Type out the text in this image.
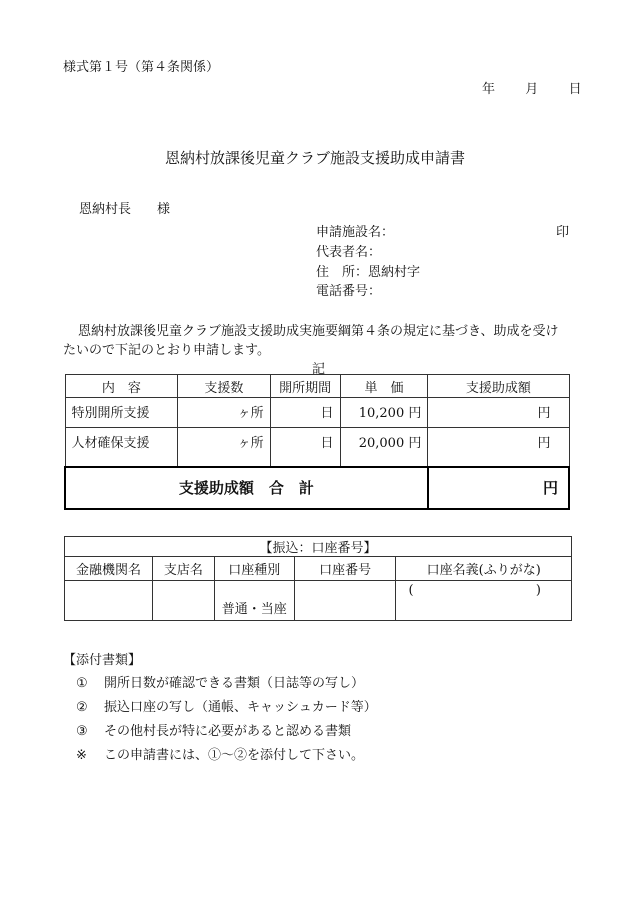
様式第１号（第４条関係）
年 月 日
恩納村放課後児童クラブ施設支援助成申請書
恩納村長　　様
申請施設名：	印
代表者名：
住　所：恩納村字
電話番号：
恩納村放課後児童クラブ施設支援助成実施要綱第４条の規定に基づき、助成を受け
たいので下記のとおり申請します。
記
内　容	支援数	開所期間	単　価	支援助成額
特別開所支援	ヶ所	日	10,200 円	円
人材確保支援	ヶ所	日	20,000 円	円
支援助成額　合　計				円
【振込：口座番号】				
金融機関名	支店名	口座種別	口座番号	口座名義(ふりがな)
		普通・当座		( )
【添付書類】
① 開所日数が確認できる書類（日誌等の写し）
② 振込口座の写し（通帳、キャッシュカード等）
③ その他村長が特に必要があると認める書類
※ この申請書には、①〜②を添付して下さい。
